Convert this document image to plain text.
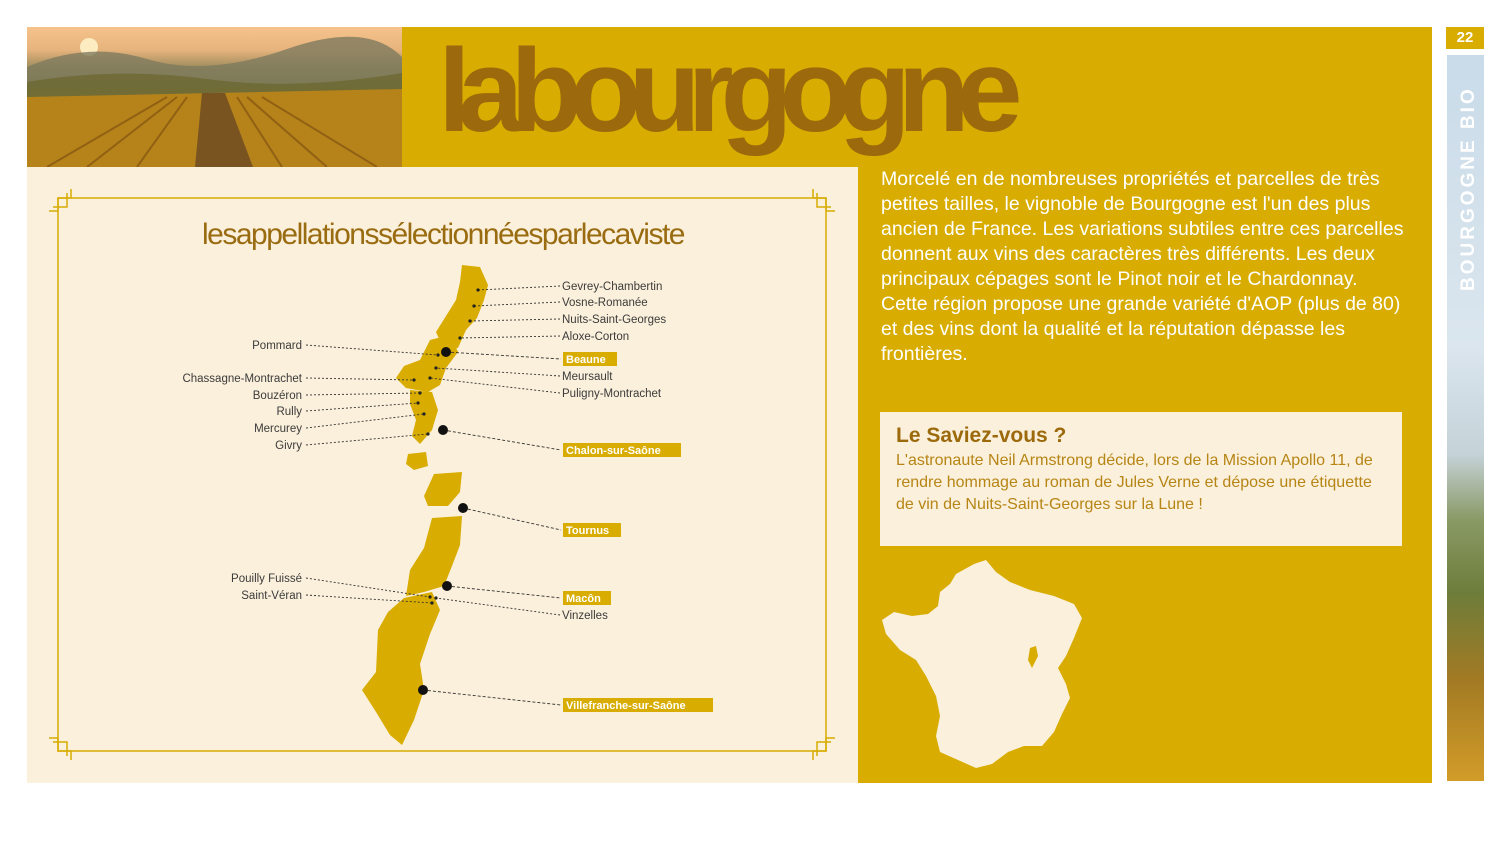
labourgogne
lesappellationssélectionnéesparlecaviste
Gevrey-Chambertin
Vosne-Romanée
Nuits-Saint-Georges
Aloxe-Corton
Pommard
Meursault
Puligny-Montrachet
Chassagne-Montrachet
Bouzéron
Rully
Mercurey
Givry
Pouilly Fuissé
Saint-Véran
Vinzelles
Beaune
Chalon-sur-Saône
Tournus
Macôn
Villefranche-sur-Saône

Morcelé en de nombreuses propriétés et parcelles de très petites tailles, le vignoble de Bourgogne est l'un des plus ancien de France. Les variations subtiles entre ces parcelles donnent aux vins des caractères très différents. Les deux principaux cépages sont le Pinot noir et le Chardonnay.

Cette région propose une grande variété d'AOP (plus de 80) et des vins dont la qualité et la réputation dépasse les frontières.

Le Saviez-vous ?

L'astronaute Neil Armstrong décide, lors de la Mission Apollo 11, de rendre hommage au roman de Jules Verne et dépose une étiquette de vin de Nuits-Saint-Georges sur la Lune !

22
BOURGOGNE BIO
